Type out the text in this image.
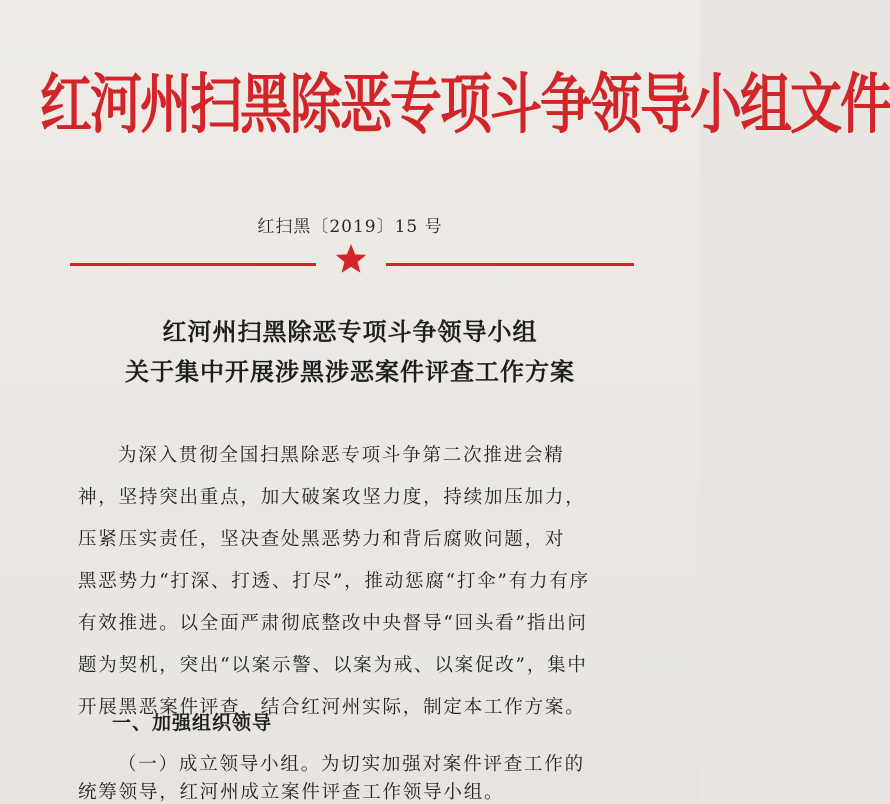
红河州扫黑除恶专项斗争领导小组文件
红扫黑〔2019〕15 号
红河州扫黑除恶专项斗争领导小组
关于集中开展涉黑涉恶案件评查工作方案
为深入贯彻全国扫黑除恶专项斗争第二次推进会精
神，坚持突出重点，加大破案攻坚力度，持续加压加力，
压紧压实责任，坚决查处黑恶势力和背后腐败问题，对
黑恶势力“打深、打透、打尽”，推动惩腐“打伞”有力有序
有效推进。以全面严肃彻底整改中央督导“回头看”指出问
题为契机，突出“以案示警、以案为戒、以案促改”，集中
开展黑恶案件评查，结合红河州实际，制定本工作方案。
一、加强组织领导
（一）成立领导小组。为切实加强对案件评查工作的
统筹领导，红河州成立案件评查工作领导小组。
